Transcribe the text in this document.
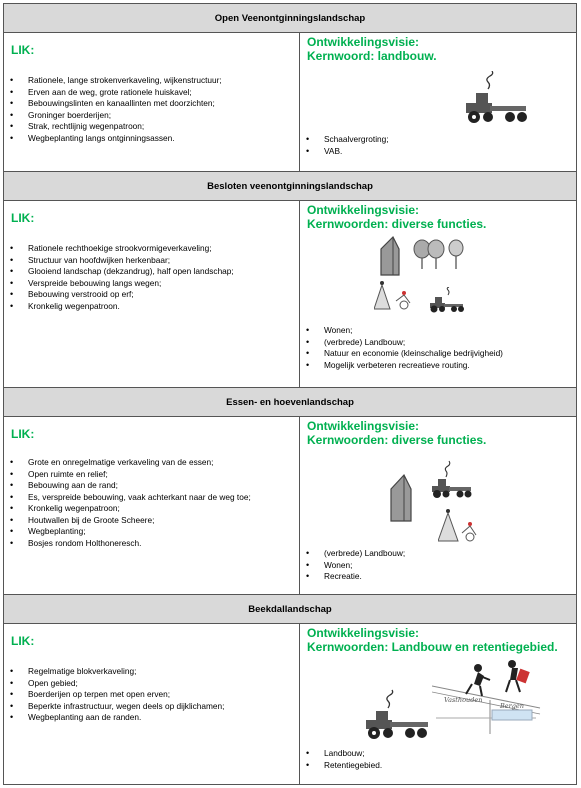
Open Veenontginningslandschap
LIK:
• Rationele, lange strokenverkaveling, wijkenstructuur;
• Erven aan de weg, grote rationele huiskavel;
• Bebouwingslinten en kanaallinten met doorzichten;
• Groninger boerderijen;
• Strak, rechtlijnig wegenpatroon;
• Wegbeplanting langs ontginningsassen.
Ontwikkelingsvisie:
Kernwoord: landbouw.
• Schaalvergroting;
• VAB.
Besloten veenontginningslandschap
LIK:
• Rationele rechthoekige strookvormigeverkaveling;
• Structuur van hoofdwijken herkenbaar;
• Glooiend landschap (dekzandrug), half open landschap;
• Verspreide bebouwing langs wegen;
• Bebouwing verstrooid op erf;
• Kronkelig wegenpatroon.
Ontwikkelingsvisie:
Kernwoorden: diverse functies.
• Wonen;
• (verbrede) Landbouw;
• Natuur en economie (kleinschalige bedrijvigheid)
• Mogelijk verbeteren recreatieve routing.
Essen- en hoevenlandschap
LIK:
• Grote en onregelmatige verkaveling van de essen;
• Open ruimte en relief;
• Bebouwing aan de rand;
• Es, verspreide bebouwing, vaak achterkant naar de weg toe;
• Kronkelig wegenpatroon;
• Houtwallen bij de Groote Scheere;
• Wegbeplanting;
• Bosjes rondom Holthoneresch.
Ontwikkelingsvisie:
Kernwoorden: diverse functies.
• (verbrede) Landbouw;
• Wonen;
• Recreatie.
Beekdallandschap
LIK:
• Regelmatige blokverkaveling;
• Open gebied;
• Boerderijen op terpen met open erven;
• Beperkte infrastructuur, wegen deels op dijklichamen;
• Wegbeplanting aan de randen.
Ontwikkelingsvisie:
Kernwoorden: Landbouw en retentiegebied.
Vasthouden
Bergen
• Landbouw;
• Retentiegebied.
